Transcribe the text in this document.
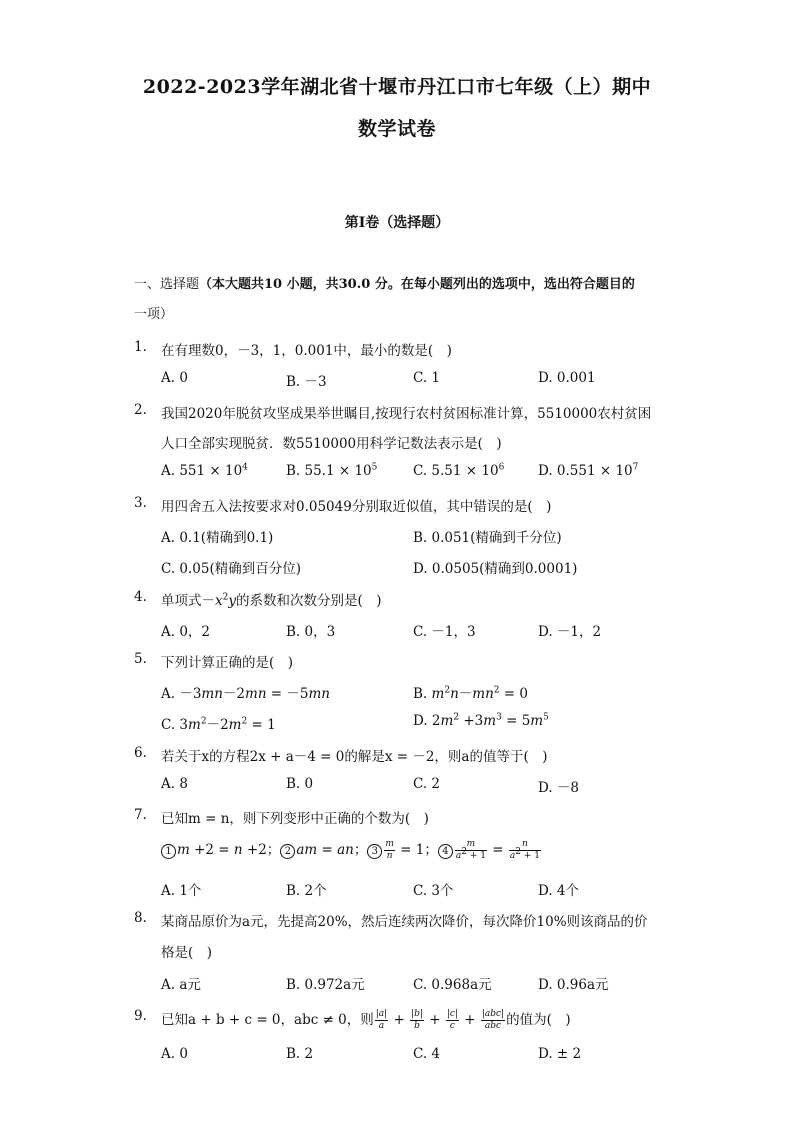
2022-2023学年湖北省十堰市丹江口市七年级（上）期中
数学试卷
第I卷（选择题）
一、选择题（本大题共10 小题，共30.0 分。在每小题列出的选项中，选出符合题目的
一项）
1.	在有理数0，－3，1，0.001中，最小的数是(　)
A. 0	B. －3	C. 1	D. 0.001
2.	我国2020年脱贫攻坚成果举世瞩目,按现行农村贫困标准计算，5510000农村贫困
人口全部实现脱贫．数5510000用科学记数法表示是(　)
A. $551 \times 10^4$	B. $55.1 \times 10^5$	C. $5.51 \times 10^6$ D. $0.551 \times 10^7$
3.	用四舍五入法按要求对0.05049分别取近似值，其中错误的是(　)
A. 0.1(精确到0.1)	B. 0.051(精确到千分位)
C. 0.05(精确到百分位)	D. 0.0505(精确到0.0001)
4.	单项式$-x^2y$的系数和次数分别是(　)
A. 0，2	B. 0，3	C. －1，3	D. －1，2
5.	下列计算正确的是(　)
A. －3mn－2mn = －5mn	B. $m^2n-mn^2 = 0$
C. $3m^2-2m^2 = 1$	D. $2m^2 +3m^3 = 5m^5$
6.	若关于x的方程2x + a－4 = 0的解是x = －2，则a的值等于(　)
A. 8	B. 0	C. 2	D. －8
7.	已知m = n，则下列变形中正确的个数为(　)
1 m +2 = n +2； 2 am = an； $3 \frac{m}{n} = 1$； $4 \frac{m}{a^2 + 1} = \frac{n}{a^2 + 1}$
A. 1个	B. 2个	C. 3个	D. 4个
8.	某商品原价为a元，先提高20%，然后连续两次降价，每次降价10%则该商品的价
格是(　)
A. a元	B. 0.972a元	C. 0.968a元	D. 0.96a元
9.	已知a + b + c = 0，abc ≠ 0，则 $\frac{|a|}{a} + \frac{|b|}{b} + \frac{|c|}{c} + \frac{\text{|abc|}}{\text{abc}}$ 的值为(　)
A. 0	B. 2	C. 4	D. ± 2
